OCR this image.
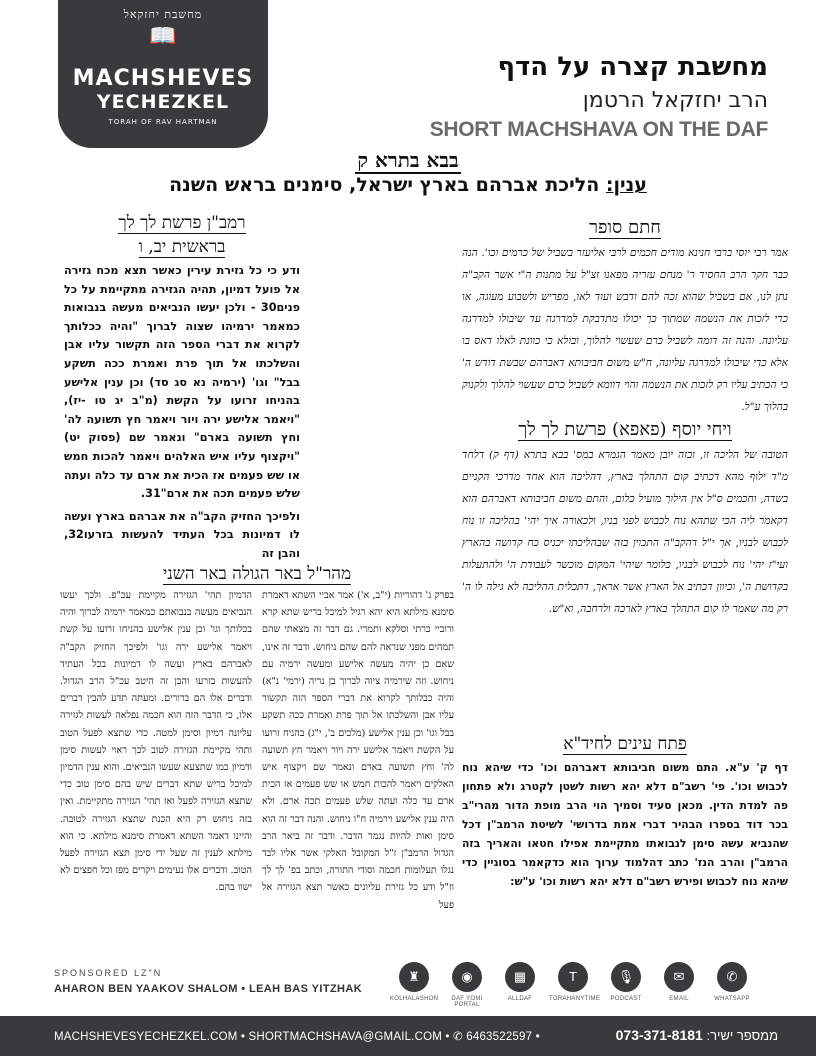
מחשבת יחזקאל
📖
MACHSHEVES
YECHEZKEL
TORAH OF RAV HARTMAN
מחשבת קצרה על הדף
הרב יחזקאל הרטמן
SHORT MACHSHAVA ON THE DAF
בבא בתרא ק
ענין: הליכת אברהם בארץ ישראל, סימנים בראש השנה
חתם סופר

אמר רבי יוסי ברבי חנינא מודים חכמים לרבי אליעזר בשביל של כרמים וכו'. הנה כבר חקר הרב החסיד ר' מנחם עזריה מפאנו זצ"ל על מתנות ה"י אשר הקב"ה נתן לנו, אם בשביל שהוא זכה להם ודבש ועוד לאו, מפריש ולשבוע מעוגה, או כדי לזכות את הנשמה שמתוך כך יכולו מתדבקת למדרגה עד שיבולו למדרגה עליונה. והנה זה דומה לשביל כרם שעשוי להלוך, ובולא כי כוונת לאלו דאס בו אלא כדי שיבולו למדרגה עליונה, ח"ש משום חביבותא דאברהם שבשת דודש ה' כי הכתיב עליו רק לזכות את הנשמה והוי דוומא לשביל כרם שעשוי להלוך ולקנוק בהלוך ע"ל.

ויחי יוסף (פאפא) פרשת לך לך

הטובה של הליכה זו, וכזה יובן מאמר הגמרא במס' בבא בתרא (דף ק) דלחד מ"ד ילוף מהא דכתיב קום התהלך בארץ, דהליכה הוא אחד מדרכי הקניים בשדה, וחכמים ס"ל אין הילוך מועיל כלום, והתם משום חביבותא דאברהם הוא דקאמר ליה הכי שתהא נוח לכבוש לפני בניו, ולכאורה איך יהי' בהליכה זו נוח לכבוש לבניו, אך י"ל דהקב"ה התכוין בזה שבהליכתו יכניס כח קדושה בהארץ ועי"ז יהי' נוח לכבוש לבניו, כלומר שיהי' המקום מוכשר לעבודת ה' ולהתעלות בקדושת ה', וכיוון דכתיב אל הארץ אשר אראך, דתכלית ההליכה לא גילה לו ה' רק מה שאמר לו קום התהלך בארץ לארכה ולרחבה, וא"ש.

פתח עינים לחיד"א

דף ק' ע"א. התם משום חביבותא דאברהם וכו' כדי שיהא נוח לכבוש וכו'. פי' רשב"ם דלא יהא רשות לשטן לקטרג ולא פתחון פה למדת הדין. מכאן סעיד וסמיך הוי הרב מופת הדור מהרי"ב בכר דוד בספרו הבהיר דברי אמת בדרושי' לשיטת הרמב"ן דכל שהנביא עשה סימן לנבואתו מתקיימת אפילו חטאו והאריך בזה הרמב"ן והרב הנז' כתב דהלמוד ערוך הוא כדקאמר בסוגיין כדי שיהא נוח לכבוש ופירש רשב"ם דלא יהא רשות וכו' ע"ש:

רמב"ן פרשת לך לך
בראשית יב, ו

ודע כי כל גזירת עירין כאשר תצא מכח גזירה אל פועל דמיון, תהיה הגזירה מתקיימת על כל פנים30 - ולכן יעשו הנביאים מעשה בנבואות כמאמר ירמיהו שצוה לברוך "והיה ככלותך לקרוא את דברי הספר הזה תקשור עליו אבן והשלכתו אל תוך פרת ואמרת ככה תשקע בבל" וגו' (ירמיה נא סג סד) וכן ענין אלישע בהניחו זרועו על הקשת (מ"ב יג טו -יז), "ויאמר אלישע ירה ויור ויאמר חץ תשועה לה' וחץ תשועה בארם" ונאמר שם (פסוק יט) "ויקצוף עליו איש האלהים ויאמר להכות חמש או שש פעמים אז הכית את ארם עד כלה ועתה שלש פעמים תכה את ארם"31.

ולפיכך החזיק הקב"ה את אברהם בארץ ועשה לו דמיונות בכל העתיד להעשות בזרעו32, והבן זה

מהר"ל באר הגולה באר השני

בפרק ג' דהוריות (י"ב, א') אמר אביי השתא דאמרת סימנא מילתא היא יהא רגיל למיכל בריש שתא קרא ורוביי כרתי וסלקא ותמרי. גם דבר זה מצאתי שהם תמהים מפני שנראה להם שהם ניחוש. ודבר זה אינו, שאם כן יהיה מעשה אלישע ומעשה ירמיה עם ניחוש. וזה שירמיה ציוה לברוך בן נריה (ירמי' נ"א) והיה כבלותך לקרוא את דברי הספר הזה תקשור עליו אבן והשלכתו אל תוך פרת ואמרת ככה תשקע בבל וגו' וכן ענין אלישע (מלכים ב', י"ג) בהניח זרועו על הקשת ויאמר אלישע ירה ויור ויאמר חץ תשועה לה' וחץ תשועה בארם ונאמר שם ויקצוף איש האלקים ויאמר להכות חמש או שש פעמים אז הכית ארם עד כלה ועתה שלש פעמים תכה ארם. ולא היה ענין אלישע וירמיה ח"ו ניחוש. והנה דבר זה הוא סימן ואות להיות נגמר הדבר. ודבר זה ביאר הרב הגדול הרמב"ן ז"ל המקובל האלקי אשר אליו לבד נגלו תעלומות חכמה וסודי התורה, וכתב בפ' לך לך וז"ל ודע כל גזירת עליונים כאשר תצא הגזירה אל פעל

הדמיון תהי' הגזירה מקיימת עכ"פ. ולכך יעשו הנביאים מעשה בנבואתם כמאמר ירמיה לברוך והיה בכלותך וגו' וכן ענין אלישע בהניחו זרועו על קשת ויאמר אלישע ירה וגו' ולפיכך החזיק הקב"ה לאברהם בארץ ועשה לו דמיונות בכל העתיד להעשות בזרעו והבן זה היטב עכ"ל הרב הגדול. ודברים אלו הם ברורים. ומעתה תדע להבין דברים אלו, כי הדבר הזה הוא חכמה נפלאה לעשות לגזירה עליונה דמיון וסימן למטה. כדי שתצא לפעל הטוב ותהי מקיימת הגזירה לטוב לכך ראוי לעשות סימן ודמיון כמו שתצעא שעשו הנביאים. והוא ענין הדמיון למיכל בריש שתא דברים שיש בהם סימן טוב כדי שתצא הגזירה לפעל ואז תהי' הגזירה מתקיימת. ואין בזה ניחוש רק היא הכנת שתצא הגזירה לטובה. והיינו דאמר השתא דאמרת סימנא מילתא. כי הוא מילתא לענין זה שעל ידי סימן תצא הגזירה לפעל הטוב. ודברים אלו נעימים ויקרים מפז וכל חפצים לא ישוו בהם.

SPONSORED LZ"N
AHARON BEN YAAKOV SHALOM • LEAH BAS YITZHAK
✆
WHATSAPP
✉
EMAIL
🎙
PODCAST
T
TORAHANYTIME
▦
ALLDAF
◉
DAF YOMI PORTAL
♜
KOLHALASHON
MACHSHEVESYECHEZKEL.COM • SHORTMACHSHAVA@GMAIL.COM • ✆ 6463522597 •	ממספר ישיר: 073-371-8181
